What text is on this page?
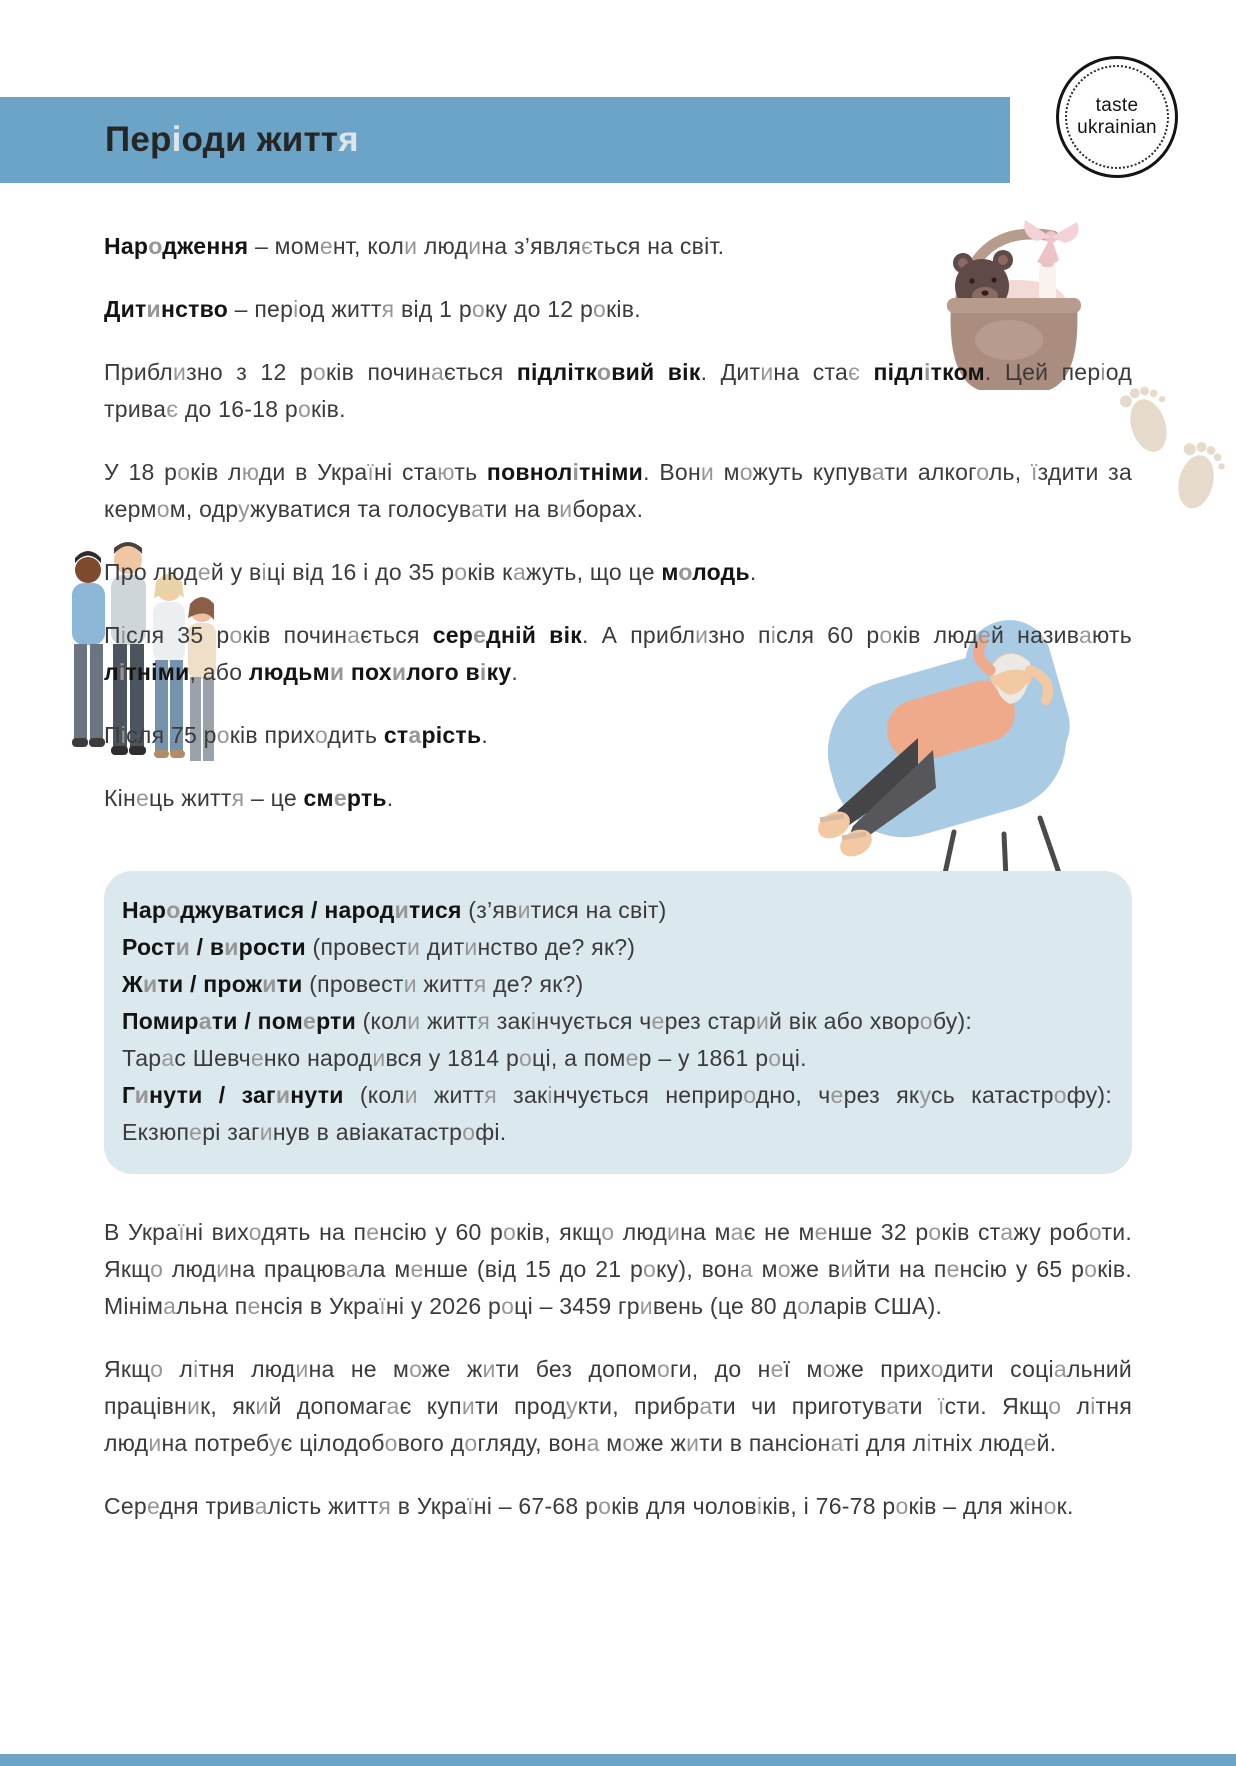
Періоди життя
taste
ukrainian

Народження – момент, коли людина з’являється на світ.

Дитинство – період життя від 1 року до 12 років.

Приблизно з 12 років починається підлітковий вік. Дитина стає підлітком. Цей період триває до 16-18 років.

У 18 років люди в Україні стають повнолітніми. Вони можуть купувати алкоголь, їздити за кермом, одружуватися та голосувати на виборах.

Про людей у віці від 16 і до 35 років кажуть, що це молодь.

Після 35 років починається середній вік. А приблизно після 60 років людей називають літніми, або людьми похилого віку.

Після 75 років приходить старість.

Кінець життя – це смерть.

Народжуватися / народитися (з’явитися на світ)

Рости / вирости (провести дитинство де? як?)

Жити / прожити (провести життя де? як?)

Помирати / померти (коли життя закінчується через старий вік або хворобу):

Тарас Шевченко народився у 1814 році, а помер – у 1861 році.

Гинути / загинути (коли життя закінчується неприродно, через якусь катастрофу): Екзюпері загинув в авіакатастрофі.

В Україні виходять на пенсію у 60 років, якщо людина має не менше 32 років стажу роботи. Якщо людина працювала менше (від 15 до 21 року), вона може вийти на пенсію у 65 років. Мінімальна пенсія в Україні у 2026 році – 3459 гривень (це 80 доларів США).

Якщо літня людина не може жити без допомоги, до неї може приходити соціальний працівник, який допомагає купити продукти, прибрати чи приготувати їсти. Якщо літня людина потребує цілодобового догляду, вона може жити в пансіонаті для літніх людей.

Середня тривалість життя в Україні – 67-68 років для чоловіків, і 76-78 років – для жінок.
